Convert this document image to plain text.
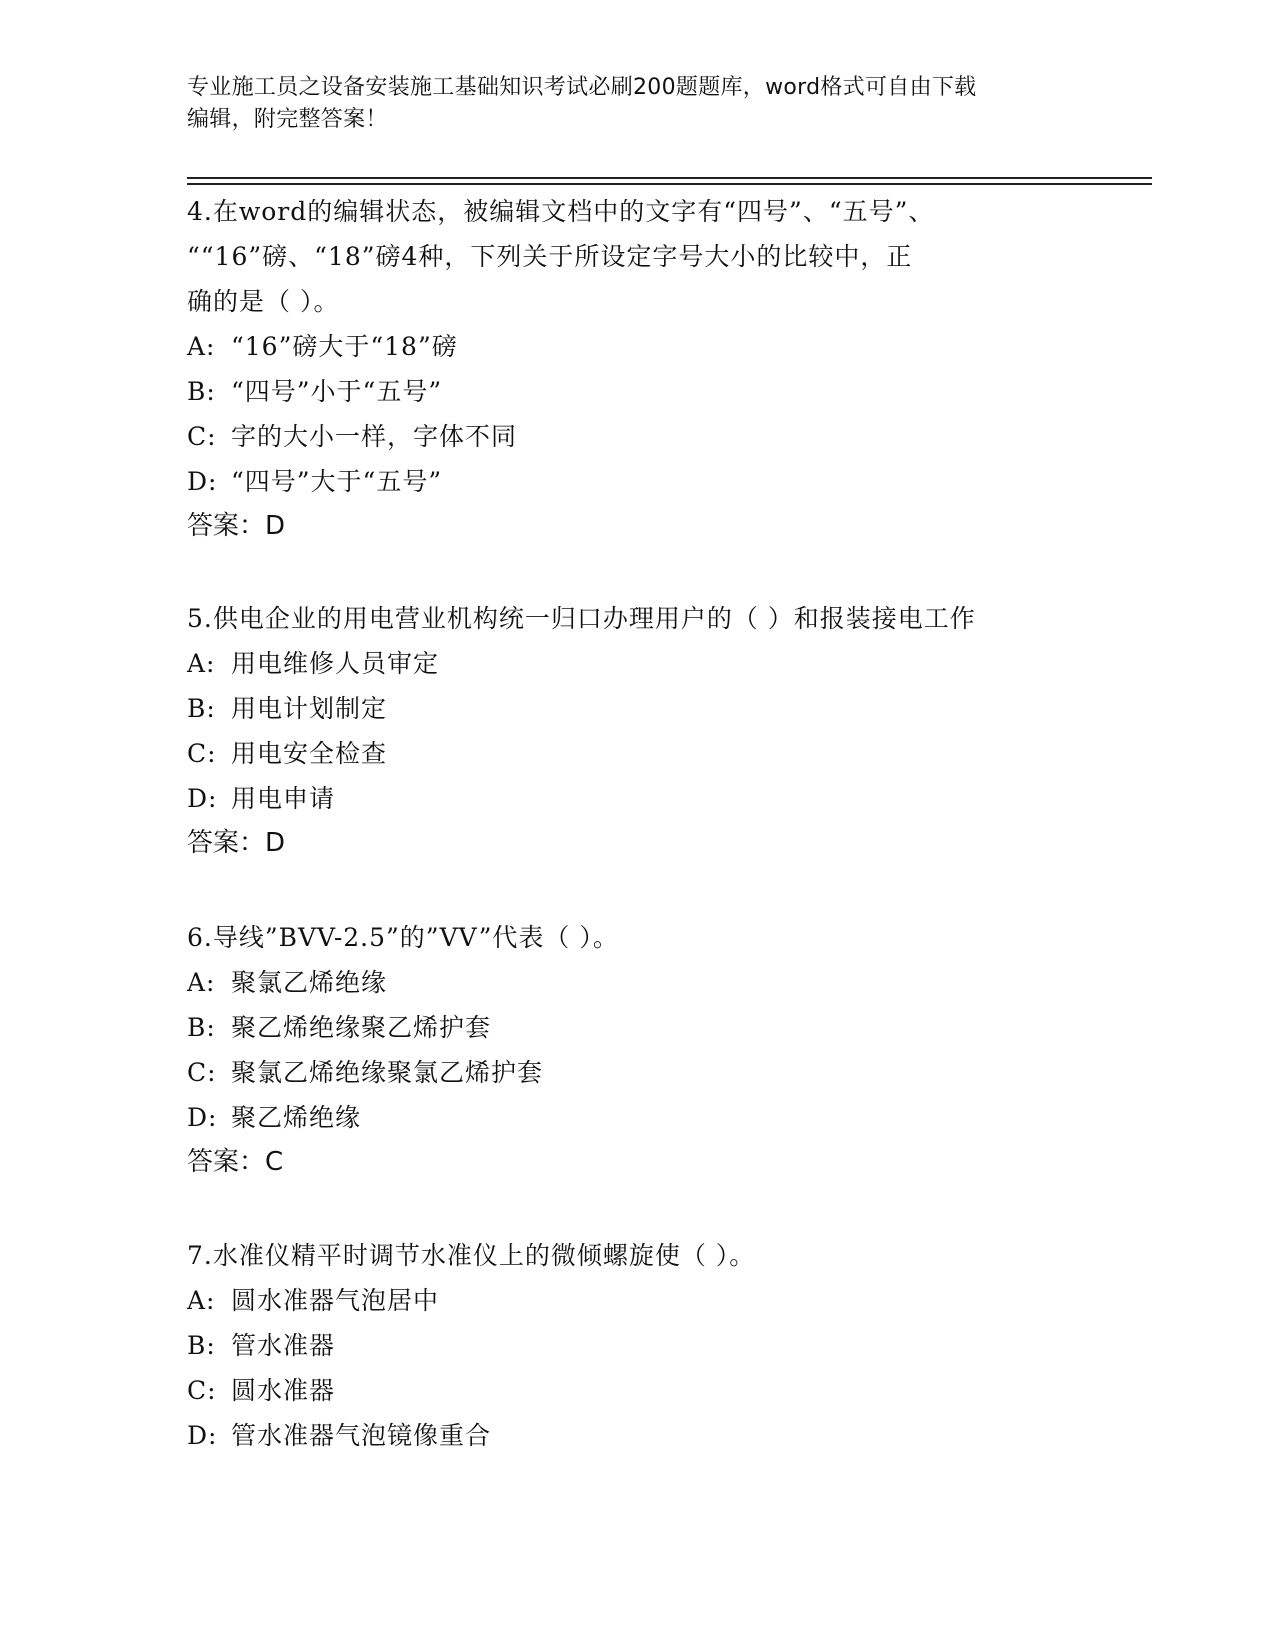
专业施工员之设备安装施工基础知识考试必刷200题题库，word格式可自由下载
编辑，附完整答案！

4.在word的编辑状态，被编辑文档中的文字有“四号”、“五号”、

““16”磅、“18”磅4种，下列关于所设定字号大小的比较中，正

确的是（ ）。

A: “16”磅大于“18”磅

B: “四号”小于“五号”

C: 字的大小一样，字体不同

D: “四号”大于“五号”

答案：D

5.供电企业的用电营业机构统一归口办理用户的（ ）和报装接电工作

A: 用电维修人员审定

B: 用电计划制定

C: 用电安全检查

D: 用电申请

答案：D

6.导线”BVV-2.5”的”VV”代表（ ）。

A: 聚氯乙烯绝缘

B: 聚乙烯绝缘聚乙烯护套

C: 聚氯乙烯绝缘聚氯乙烯护套

D: 聚乙烯绝缘

答案：C

7.水准仪精平时调节水准仪上的微倾螺旋使（ ）。

A: 圆水准器气泡居中

B: 管水准器

C: 圆水准器

D: 管水准器气泡镜像重合
